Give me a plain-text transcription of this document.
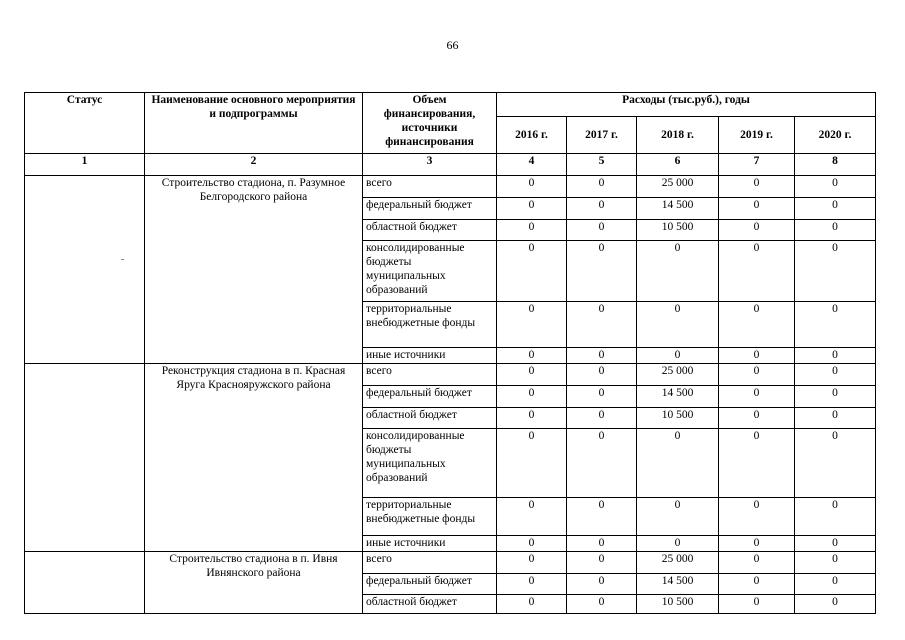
66
Статус	Наименование основного мероприятия и подпрограммы	Объем финансирования, источники финансирования	Расходы (тыс.руб.), годы				
			2016 г.	2017 г.	2018 г.	2019 г.	2020 г.
1	2	3	4	5	6	7	8
	Строительство стадиона, п. Разумное Белгородского района	всего	0	0	25 000	0	0
		федеральный бюджет	0	0	14 500	0	0
		областной бюджет	0	0	10 500	0	0
		консолидированные бюджеты муниципальных образований	0	0	0	0	0
		территориальные внебюджетные фонды	0	0	0	0	0
		иные источники	0	0	0	0	0
	Реконструкция стадиона в п. Красная Яруга Краснояружского района	всего	0	0	25 000	0	0
		федеральный бюджет	0	0	14 500	0	0
		областной бюджет	0	0	10 500	0	0
		консолидированные бюджеты муниципальных образований	0	0	0	0	0
		территориальные внебюджетные фонды	0	0	0	0	0
		иные источники	0	0	0	0	0
	Строительство стадиона в п. Ивня Ивнянского района	всего	0	0	25 000	0	0
		федеральный бюджет	0	0	14 500	0	0
		областной бюджет	0	0	10 500	0	0
